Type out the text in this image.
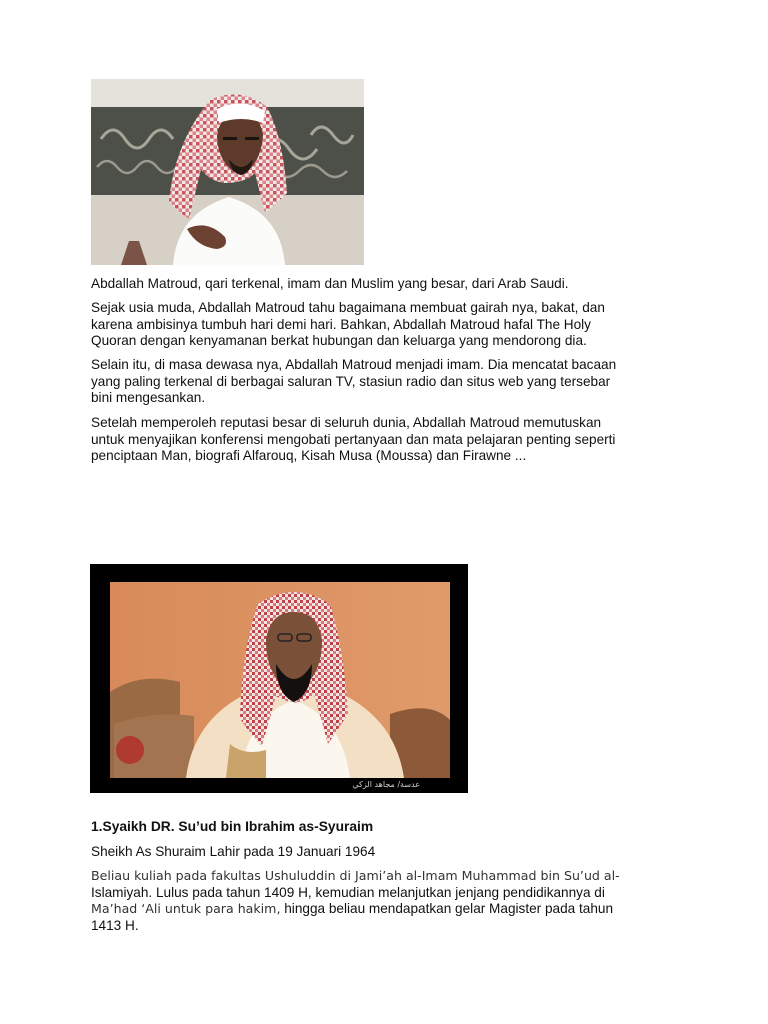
Abdallah Matroud, qari terkenal, imam dan Muslim yang besar, dari Arab Saudi.

Sejak usia muda, Abdallah Matroud tahu bagaimana membuat gairah nya, bakat, dan
karena ambisinya tumbuh hari demi hari. Bahkan, Abdallah Matroud hafal The Holy
Quoran dengan kenyamanan berkat hubungan dan keluarga yang mendorong dia.

Selain itu, di masa dewasa nya, Abdallah Matroud menjadi imam. Dia mencatat bacaan
yang paling terkenal di berbagai saluran TV, stasiun radio dan situs web yang tersebar
bini mengesankan.

Setelah memperoleh reputasi besar di seluruh dunia, Abdallah Matroud memutuskan
untuk menyajikan konferensi mengobati pertanyaan dan mata pelajaran penting seperti
penciptaan Man, biografi Alfarouq, Kisah Musa (Moussa) dan Firawne ...

عدسة/ مجاهد الزكي

1.Syaikh DR. Su’ud bin Ibrahim as-Syuraim

Sheikh As Shuraim Lahir pada 19 Januari 1964

Beliau kuliah pada fakultas Ushuluddin di Jami’ah al-Imam Muhammad bin Su’ud al-
Islamiyah. Lulus pada tahun 1409 H, kemudian melanjutkan jenjang pendidikannya di
Ma’had ‘Ali untuk para hakim, hingga beliau mendapatkan gelar Magister pada tahun
1413 H.
